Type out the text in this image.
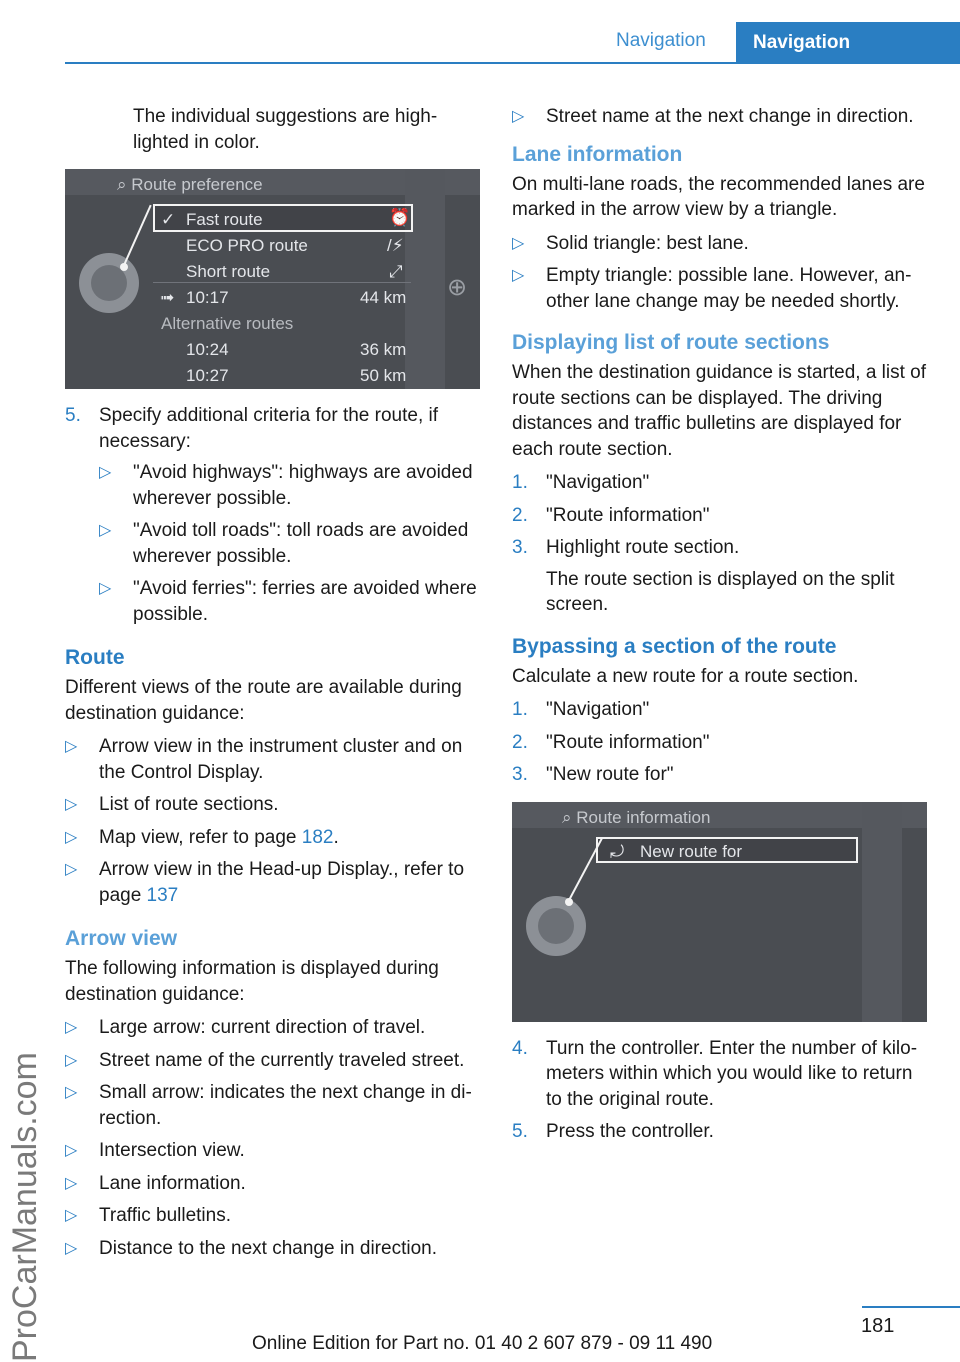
Navigation	Navigation
ProCarManuals.com

The individual suggestions are high-lighted in color.

⌕ Route preference
⊕
✓ Fast route	⏰
ECO PRO route	/⚡
Short route	⤢
➟ 10:17	44 km
Alternative routes
10:24	36 km
10:27	50 km
5. Specify additional criteria for the route, if necessary:
▷ "Avoid highways": highways are avoided wherever possible.
▷ "Avoid toll roads": toll roads are avoided wherever possible.
▷ "Avoid ferries": ferries are avoided where possible.
Route

Different views of the route are available during destination guidance:

▷ Arrow view in the instrument cluster and on the Control Display.
▷ List of route sections.
▷ Map view, refer to page 182.
▷ Arrow view in the Head-up Display., refer to page 137
Arrow view

The following information is displayed during destination guidance:

▷ Large arrow: current direction of travel.
▷ Street name of the currently traveled street.
▷ Small arrow: indicates the next change in di-rection.
▷ Intersection view.
▷ Lane information.
▷ Traffic bulletins.
▷ Distance to the next change in direction.
▷ Street name at the next change in direction.
Lane information

On multi-lane roads, the recommended lanes are marked in the arrow view by a triangle.

▷ Solid triangle: best lane.
▷ Empty triangle: possible lane. However, an-other lane change may be needed shortly.
Displaying list of route sections

When the destination guidance is started, a list of route sections can be displayed. The driving distances and traffic bulletins are displayed for each route section.

1. "Navigation"
2. "Route information"
3. Highlight route section.

The route section is displayed on the split screen.

Bypassing a section of the route

Calculate a new route for a route section.

1. "Navigation"
2. "Route information"
3. "New route for"
⌕ Route information
⤾ New route for
4. Turn the controller. Enter the number of kilo-meters within which you would like to return to the original route.
5. Press the controller.
181
Online Edition for Part no. 01 40 2 607 879 - 09 11 490
